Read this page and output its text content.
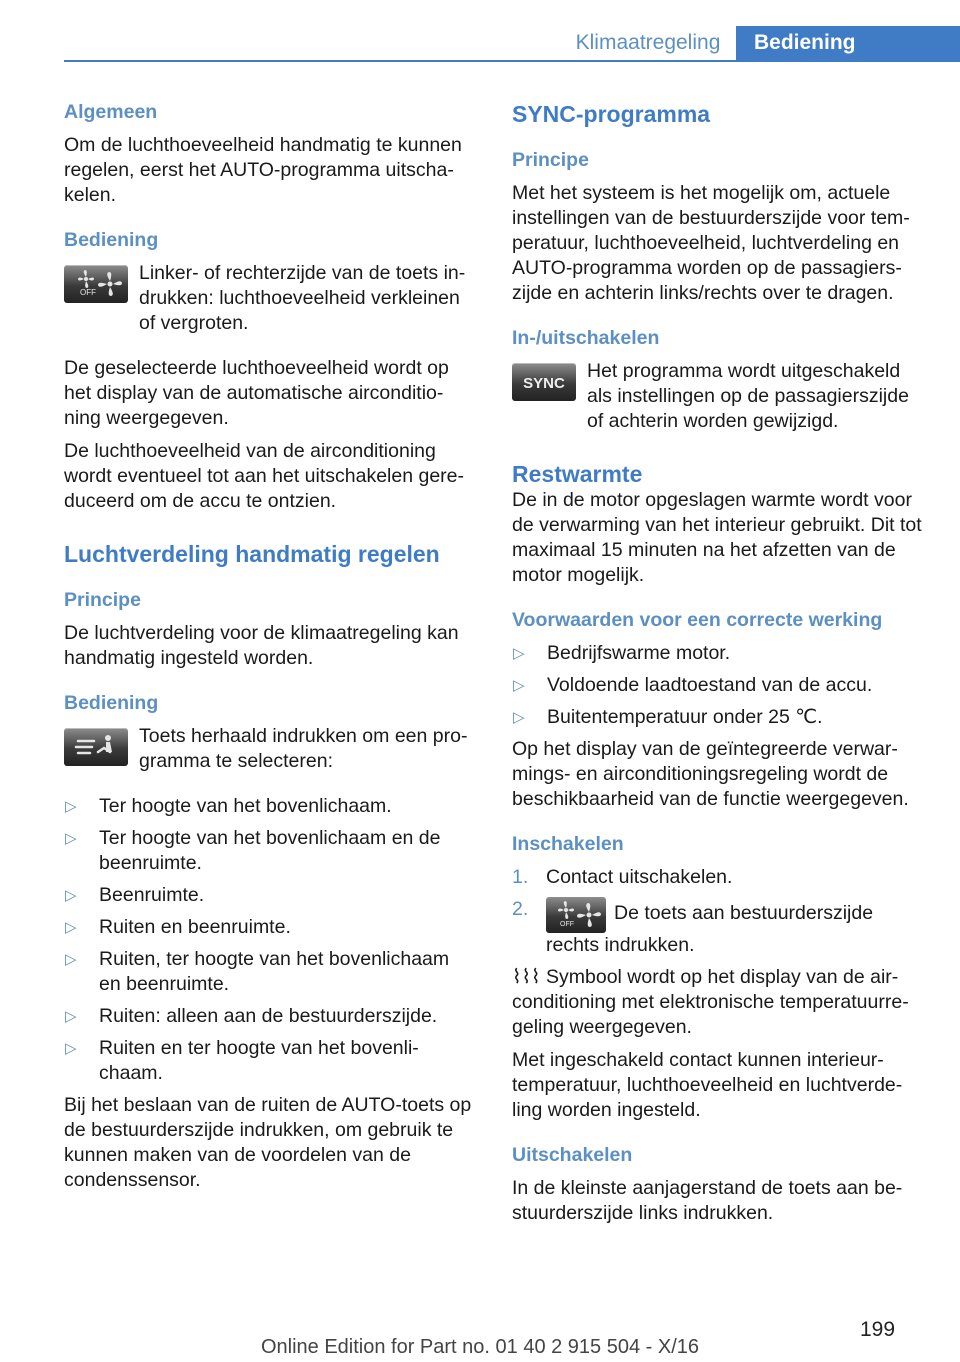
Klimaatregeling	Bediening
Algemeen

Om de luchthoeveelheid handmatig te kunnen regelen, eerst het AUTO-programma uitscha-kelen.

Bediening
OFF
Linker- of rechterzijde van de toets in-drukken: luchthoeveelheid verkleinen of vergroten.

De geselecteerde luchthoeveelheid wordt op het display van de automatische airconditio-ning weergegeven.

De luchthoeveelheid van de airconditioning wordt eventueel tot aan het uitschakelen gere-duceerd om de accu te ontzien.

Luchtverdeling handmatig regelen
Principe

De luchtverdeling voor de klimaatregeling kan handmatig ingesteld worden.

Bediening
Toets herhaald indrukken om een pro-gramma te selecteren:
▷ Ter hoogte van het bovenlichaam.
▷ Ter hoogte van het bovenlichaam en de beenruimte.
▷ Beenruimte.
▷ Ruiten en beenruimte.
▷ Ruiten, ter hoogte van het bovenlichaam en beenruimte.
▷ Ruiten: alleen aan de bestuurderszijde.
▷ Ruiten en ter hoogte van het bovenli-chaam.

Bij het beslaan van de ruiten de AUTO-toets op de bestuurderszijde indrukken, om gebruik te kunnen maken van de voordelen van de condenssensor.

SYNC-programma
Principe

Met het systeem is het mogelijk om, actuele instellingen van de bestuurderszijde voor tem-peratuur, luchthoeveelheid, luchtverdeling en AUTO-programma worden op de passagiers-zijde en achterin links/rechts over te dragen.

In-/uitschakelen
SYNC
Het programma wordt uitgeschakeld als instellingen op de passagierszijde of achterin worden gewijzigd.
Restwarmte

De in de motor opgeslagen warmte wordt voor de verwarming van het interieur gebruikt. Dit tot maximaal 15 minuten na het afzetten van de motor mogelijk.

Voorwaarden voor een correcte werking
▷ Bedrijfswarme motor.
▷ Voldoende laadtoestand van de accu.
▷ Buitentemperatuur onder 25 ℃.

Op het display van de geïntegreerde verwar-mings- en airconditioningsregeling wordt de beschikbaarheid van de functie weergegeven.

Inschakelen
1. Contact uitschakelen.
2.
OFF
De toets aan bestuurderszijde rechts indrukken.

⌇⌇⌇ Symbool wordt op het display van de air-conditioning met elektronische temperatuurre-geling weergegeven.

Met ingeschakeld contact kunnen interieur-temperatuur, luchthoeveelheid en luchtverde-ling worden ingesteld.

Uitschakelen

In de kleinste aanjagerstand de toets aan be-stuurderszijde links indrukken.

199
Online Edition for Part no. 01 40 2 915 504 - X/16
